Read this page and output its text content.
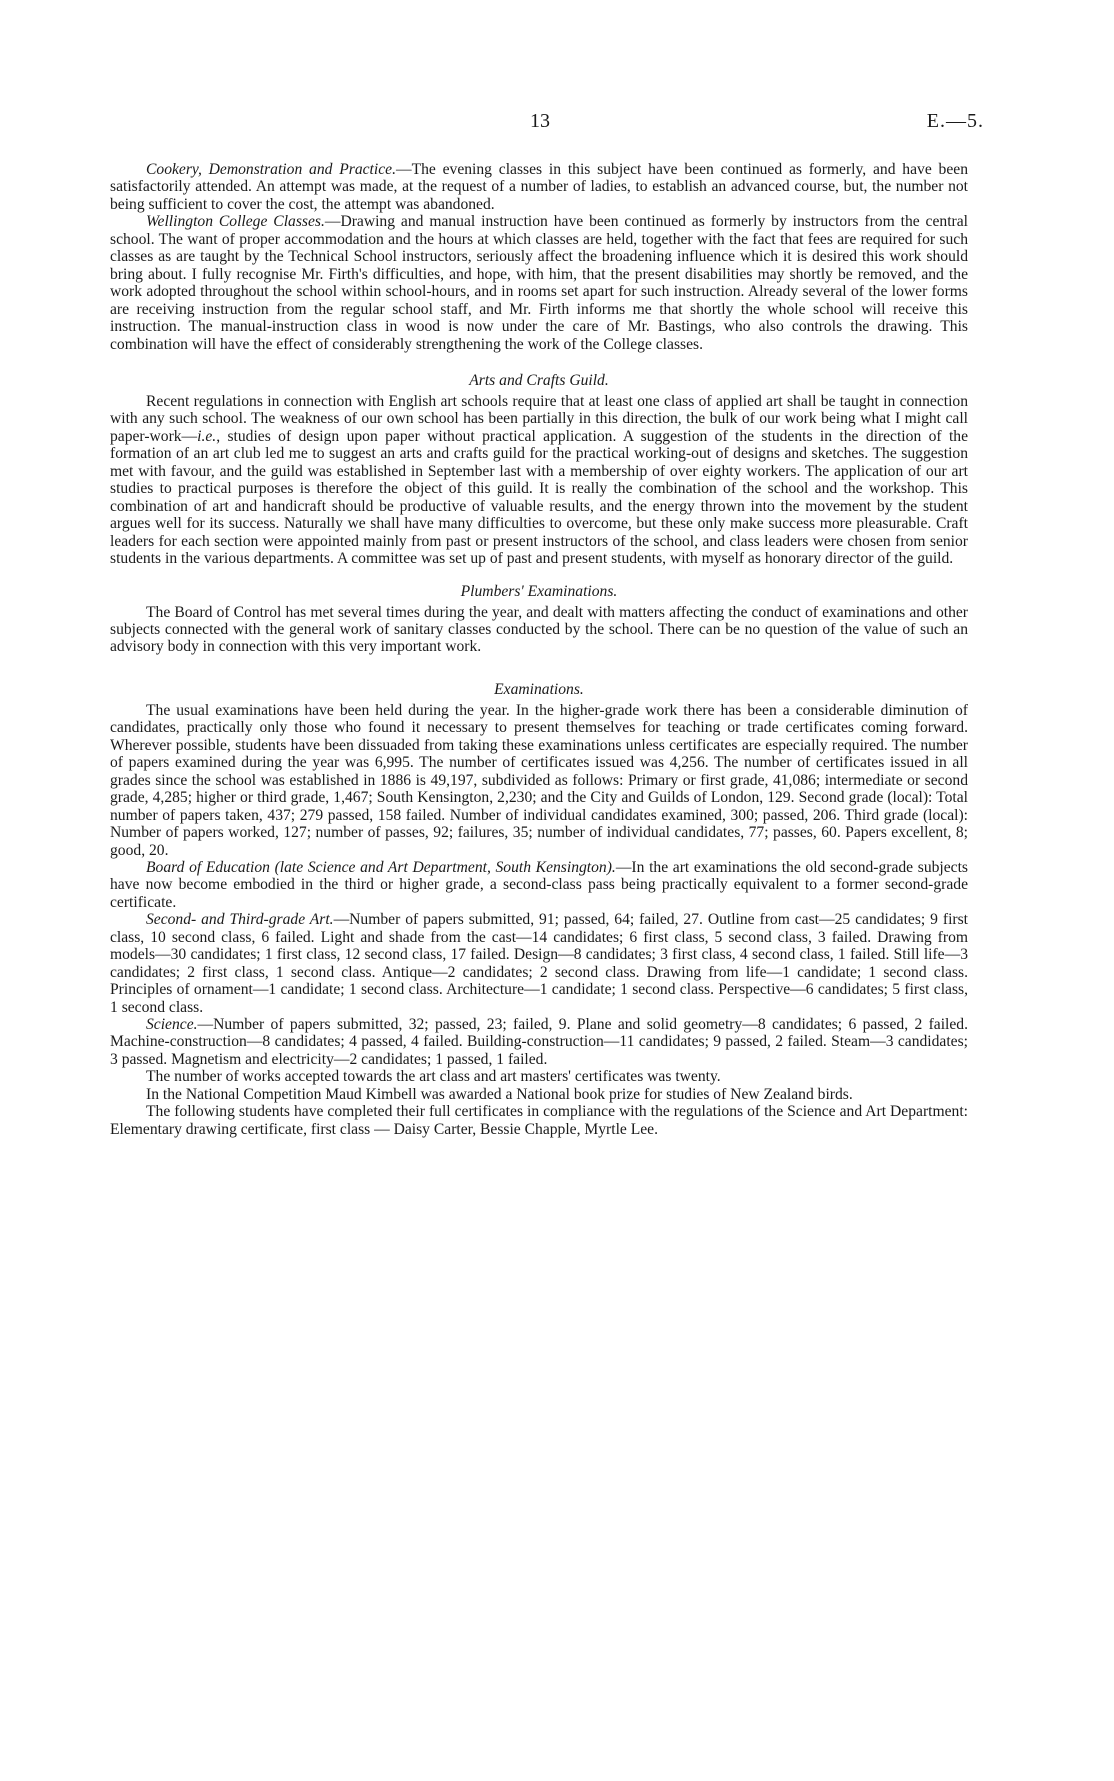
13	E.—5.

Cookery, Demonstration and Practice.—The evening classes in this subject have been continued as formerly, and have been satisfactorily attended. An attempt was made, at the request of a number of ladies, to establish an advanced course, but, the number not being sufficient to cover the cost, the attempt was abandoned.

Wellington College Classes.—Drawing and manual instruction have been continued as formerly by instructors from the central school. The want of proper accommodation and the hours at which classes are held, together with the fact that fees are required for such classes as are taught by the Technical School instructors, seriously affect the broadening influence which it is desired this work should bring about. I fully recognise Mr. Firth's difficulties, and hope, with him, that the present disabilities may shortly be removed, and the work adopted throughout the school within school-hours, and in rooms set apart for such instruction. Already several of the lower forms are receiving instruction from the regular school staff, and Mr. Firth informs me that shortly the whole school will receive this instruction. The manual-instruction class in wood is now under the care of Mr. Bastings, who also controls the drawing. This combination will have the effect of considerably strengthening the work of the College classes.

Arts and Crafts Guild.

Recent regulations in connection with English art schools require that at least one class of applied art shall be taught in connection with any such school. The weakness of our own school has been partially in this direction, the bulk of our work being what I might call paper-work—i.e., studies of design upon paper without practical application. A suggestion of the students in the direction of the formation of an art club led me to suggest an arts and crafts guild for the practical working-out of designs and sketches. The suggestion met with favour, and the guild was established in September last with a membership of over eighty workers. The application of our art studies to practical purposes is therefore the object of this guild. It is really the combination of the school and the workshop. This combination of art and handicraft should be productive of valuable results, and the energy thrown into the movement by the student argues well for its success. Naturally we shall have many difficulties to overcome, but these only make success more pleasurable. Craft leaders for each section were appointed mainly from past or present instructors of the school, and class leaders were chosen from senior students in the various departments. A committee was set up of past and present students, with myself as honorary director of the guild.

Plumbers' Examinations.

The Board of Control has met several times during the year, and dealt with matters affecting the conduct of examinations and other subjects connected with the general work of sanitary classes conducted by the school. There can be no question of the value of such an advisory body in connection with this very important work.

Examinations.

The usual examinations have been held during the year. In the higher-grade work there has been a considerable diminution of candidates, practically only those who found it necessary to present themselves for teaching or trade certificates coming forward. Wherever possible, students have been dissuaded from taking these examinations unless certificates are especially required. The number of papers examined during the year was 6,995. The number of certificates issued was 4,256. The number of certificates issued in all grades since the school was established in 1886 is 49,197, subdivided as follows: Primary or first grade, 41,086; intermediate or second grade, 4,285; higher or third grade, 1,467; South Kensington, 2,230; and the City and Guilds of London, 129. Second grade (local): Total number of papers taken, 437; 279 passed, 158 failed. Number of individual candidates examined, 300; passed, 206. Third grade (local): Number of papers worked, 127; number of passes, 92; failures, 35; number of individual candidates, 77; passes, 60. Papers excellent, 8; good, 20.

Board of Education (late Science and Art Department, South Kensington).—In the art examinations the old second-grade subjects have now become embodied in the third or higher grade, a second-class pass being practically equivalent to a former second-grade certificate.

Second- and Third-grade Art.—Number of papers submitted, 91; passed, 64; failed, 27. Outline from cast—25 candidates; 9 first class, 10 second class, 6 failed. Light and shade from the cast—14 candidates; 6 first class, 5 second class, 3 failed. Drawing from models—30 candidates; 1 first class, 12 second class, 17 failed. Design—8 candidates; 3 first class, 4 second class, 1 failed. Still life—3 candidates; 2 first class, 1 second class. Antique—2 candidates; 2 second class. Drawing from life—1 candidate; 1 second class. Principles of ornament—1 candidate; 1 second class. Architecture—1 candidate; 1 second class. Perspective—6 candidates; 5 first class, 1 second class.

Science.—Number of papers submitted, 32; passed, 23; failed, 9. Plane and solid geometry—8 candidates; 6 passed, 2 failed. Machine-construction—8 candidates; 4 passed, 4 failed. Building-construction—11 candidates; 9 passed, 2 failed. Steam—3 candidates; 3 passed. Magnetism and electricity—2 candidates; 1 passed, 1 failed.

The number of works accepted towards the art class and art masters' certificates was twenty.

In the National Competition Maud Kimbell was awarded a National book prize for studies of New Zealand birds.

The following students have completed their full certificates in compliance with the regulations of the Science and Art Department: Elementary drawing certificate, first class — Daisy Carter, Bessie Chapple, Myrtle Lee.
